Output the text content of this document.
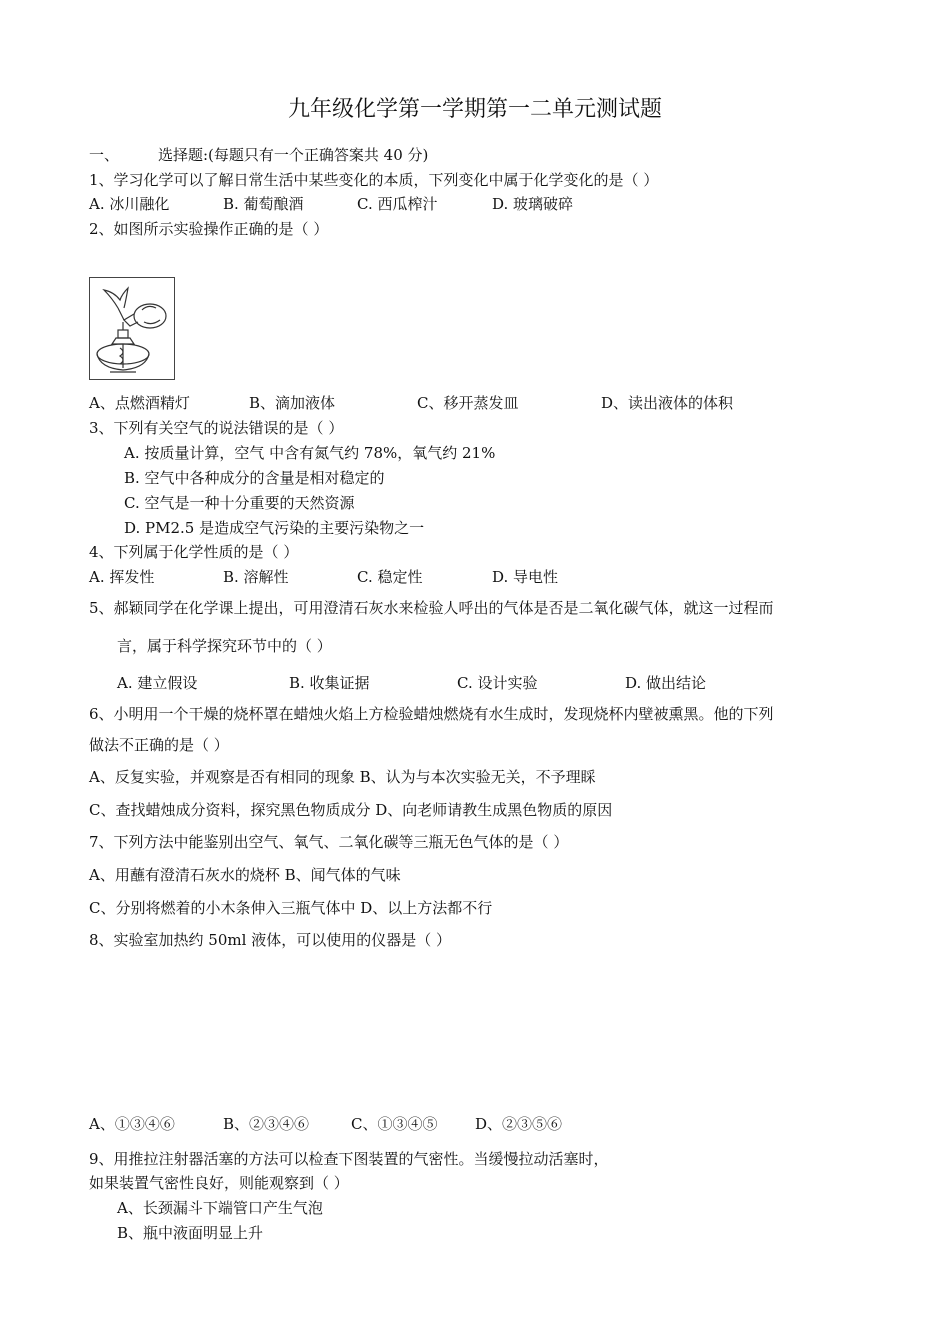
九年级化学第一学期第一二单元测试题
一、	选择题:(每题只有一个正确答案共 40 分)
1、学习化学可以了解日常生活中某些变化的本质，下列变化中属于化学变化的是（ ）
A. 冰川融化	B. 葡萄酿酒	C. 西瓜榨汁	D. 玻璃破碎
2、如图所示实验操作正确的是（ ）
A、点燃酒精灯	B、滴加液体	C、移开蒸发皿	D、读出液体的体积
3、下列有关空气的说法错误的是（ ）
A. 按质量计算，空气 中含有氮气约 78%，氧气约 21%
B. 空气中各种成分的含量是相对稳定的
C. 空气是一种十分重要的天然资源
D. PM2.5 是造成空气污染的主要污染物之一
4、下列属于化学性质的是（ ）
A. 挥发性	B. 溶解性	C. 稳定性	D. 导电性
5、郝颖同学在化学课上提出，可用澄清石灰水来检验人呼出的气体是否是二氧化碳气体，就这一过程而
言，属于科学探究环节中的（ ）
A. 建立假设	B. 收集证据	C. 设计实验	D. 做出结论
6、小明用一个干燥的烧杯罩在蜡烛火焰上方检验蜡烛燃烧有水生成时，发现烧杯内壁被熏黑。他的下列
做法不正确的是（ ）
A、反复实验，并观察是否有相同的现象 B、认为与本次实验无关，不予理睬
C、查找蜡烛成分资料，探究黑色物质成分 D、向老师请教生成黑色物质的原因
7、下列方法中能鉴别出空气、氧气、二氧化碳等三瓶无色气体的是（ ）
A、用蘸有澄清石灰水的烧杯 B、闻气体的气味
C、分别将燃着的小木条伸入三瓶气体中 D、以上方法都不行
8、实验室加热约 50ml 液体，可以使用的仪器是（ ）
A、①③④⑥	B、②③④⑥	C、①③④⑤	D、②③⑤⑥
9、用推拉注射器活塞的方法可以检查下图装置的气密性。当缓慢拉动活塞时，
如果装置气密性良好，则能观察到（ ）
A、长颈漏斗下端管口产生气泡
B、瓶中液面明显上升
